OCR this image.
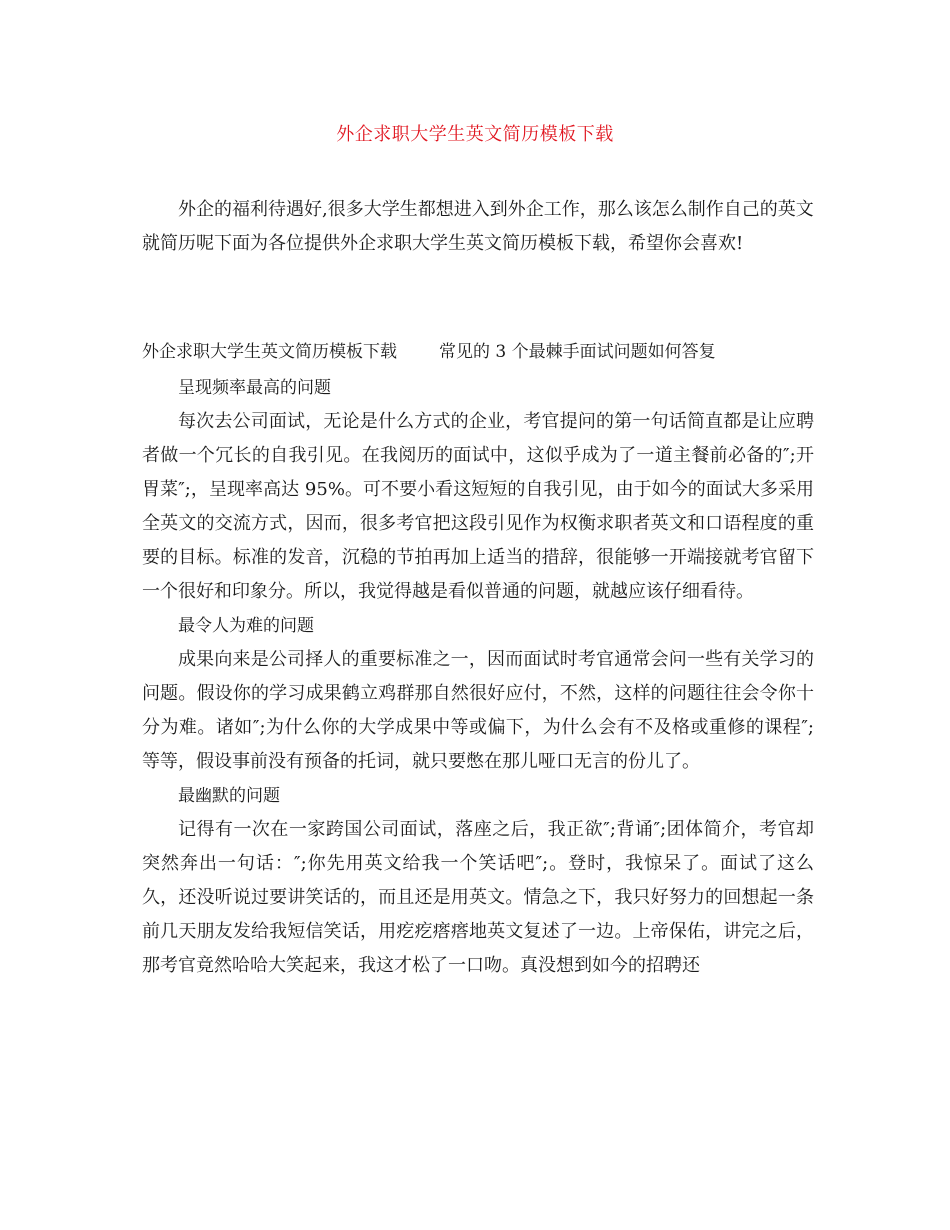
外企求职大学生英文简历模板下载

外企的福利待遇好,很多大学生都想进入到外企工作，那么该怎么制作自己的英文就简历呢下面为各位提供外企求职大学生英文简历模板下载，希望你会喜欢!

外企求职大学生英文简历模板下载 常见的 3 个最棘手面试问题如何答复

呈现频率最高的问题

每次去公司面试，无论是什么方式的企业，考官提问的第一句话简直都是让应聘者做一个冗长的自我引见。在我阅历的面试中，这似乎成为了一道主餐前必备的″;开胃菜″;，呈现率高达 95%。可不要小看这短短的自我引见，由于如今的面试大多采用全英文的交流方式，因而，很多考官把这段引见作为权衡求职者英文和口语程度的重要的目标。标准的发音，沉稳的节拍再加上适当的措辞，很能够一开端接就考官留下一个很好和印象分。所以，我觉得越是看似普通的问题，就越应该仔细看待。

最令人为难的问题

成果向来是公司择人的重要标准之一，因而面试时考官通常会问一些有关学习的问题。假设你的学习成果鹤立鸡群那自然很好应付，不然，这样的问题往往会令你十分为难。诸如″;为什么你的大学成果中等或偏下，为什么会有不及格或重修的课程″;等等，假设事前没有预备的托词，就只要憋在那儿哑口无言的份儿了。

最幽默的问题

记得有一次在一家跨国公司面试，落座之后，我正欲″;背诵″;团体简介，考官却突然奔出一句话：″;你先用英文给我一个笑话吧″;。登时，我惊呆了。面试了这么久，还没听说过要讲笑话的，而且还是用英文。情急之下，我只好努力的回想起一条前几天朋友发给我短信笑话，用疙疙瘩瘩地英文复述了一边。上帝保佑，讲完之后，那考官竟然哈哈大笑起来，我这才松了一口吻。真没想到如今的招聘还
